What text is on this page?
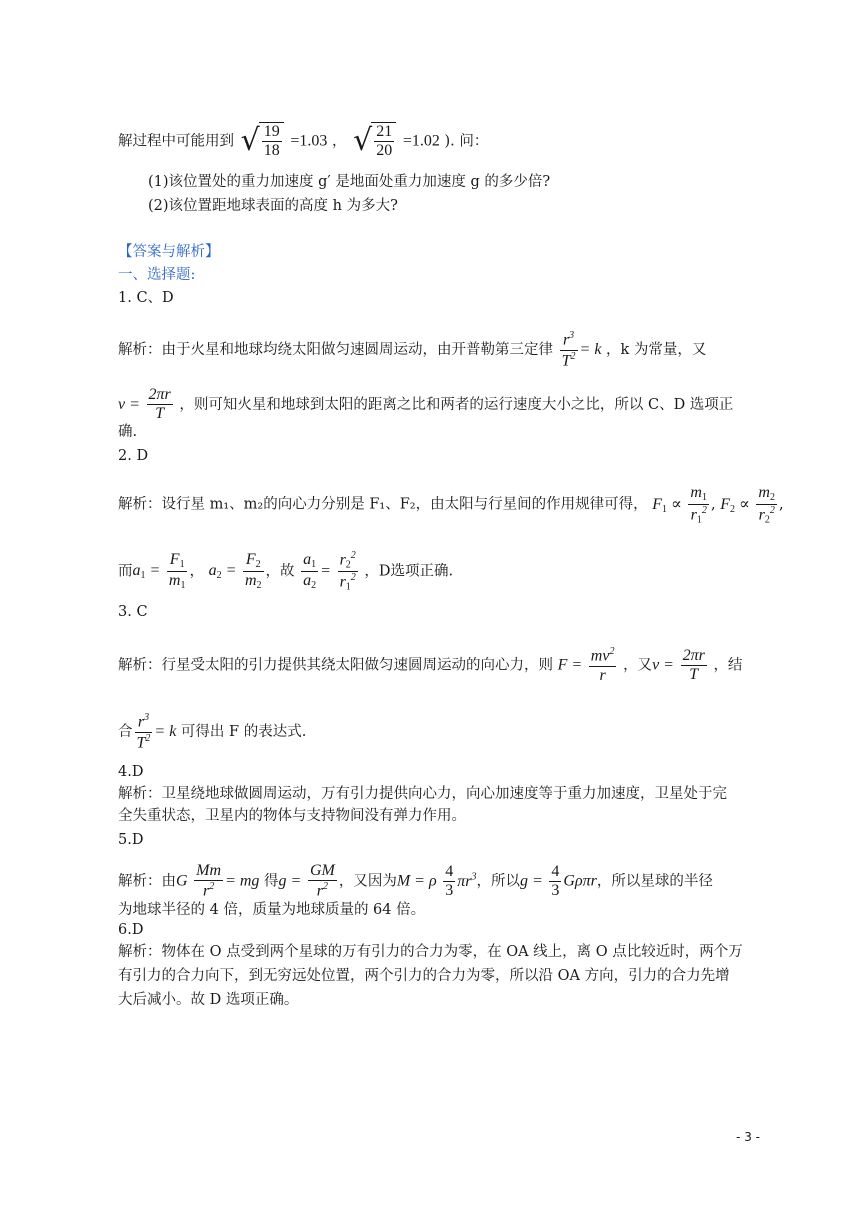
解过程中可能用到 √ $\frac{19}{18} =1.03$ ， √ $\frac{21}{20} =1.02$ ). 问：
(1)该位置处的重力加速度 g′ 是地面处重力加速度 g 的多少倍?
(2)该位置距地球表面的高度 h 为多大?
【答案与解析】
一、选择题:
1. C、D
解析：由于火星和地球均绕太阳做匀速圆周运动，由开普勒第三定律 $\frac{r^3}{T^2} = k$ ，k 为常量，又
$v = \frac{2\pi r}{T}$ ，则可知火星和地球到太阳的距离之比和两者的运行速度大小之比，所以 C、D 选项正
确.
2. D
解析：设行星 m₁、m₂的向心力分别是 F₁、F₂，由太阳与行星间的作用规律可得， $F_1 \propto \frac{m_1}{r_1^2}$ , $F_2 \propto \frac{m_2}{r_2^2}$ ,
而$a_1 = \frac{F_1}{m_1}$ ， $a_2 = \frac{F_2}{m_2}$ ，故 $\frac{a_1}{a_2} = \frac{r_2^2}{r_1^2}$ ，D选项正确.
3. C
解析：行星受太阳的引力提供其绕太阳做匀速圆周运动的向心力，则 $F = \frac{mv^2}{r}$ ，又$v = \frac{2\pi r}{T}$ ，结
合 $\frac{r^3}{T^2} = k$ 可得出 F 的表达式.
4.D
解析：卫星绕地球做圆周运动，万有引力提供向心力，向心加速度等于重力加速度，卫星处于完
全失重状态，卫星内的物体与支持物间没有弹力作用。
5.D
解析：由G $\frac{Mm}{r^2}$ = mg 得$g = \frac{GM}{r^2}$ ，又因为M = ρ $\frac{4}{3} \pi r^3$，所以$g = \frac{4}{3}$ Gρπr，所以星球的半径
为地球半径的 4 倍，质量为地球质量的 64 倍。
6.D
解析：物体在 O 点受到两个星球的万有引力的合力为零，在 OA 线上，离 O 点比较近时，两个万
有引力的合力向下，到无穷远处位置，两个引力的合力为零，所以沿 OA 方向，引力的合力先增
大后减小。故 D 选项正确。
- 3 -
